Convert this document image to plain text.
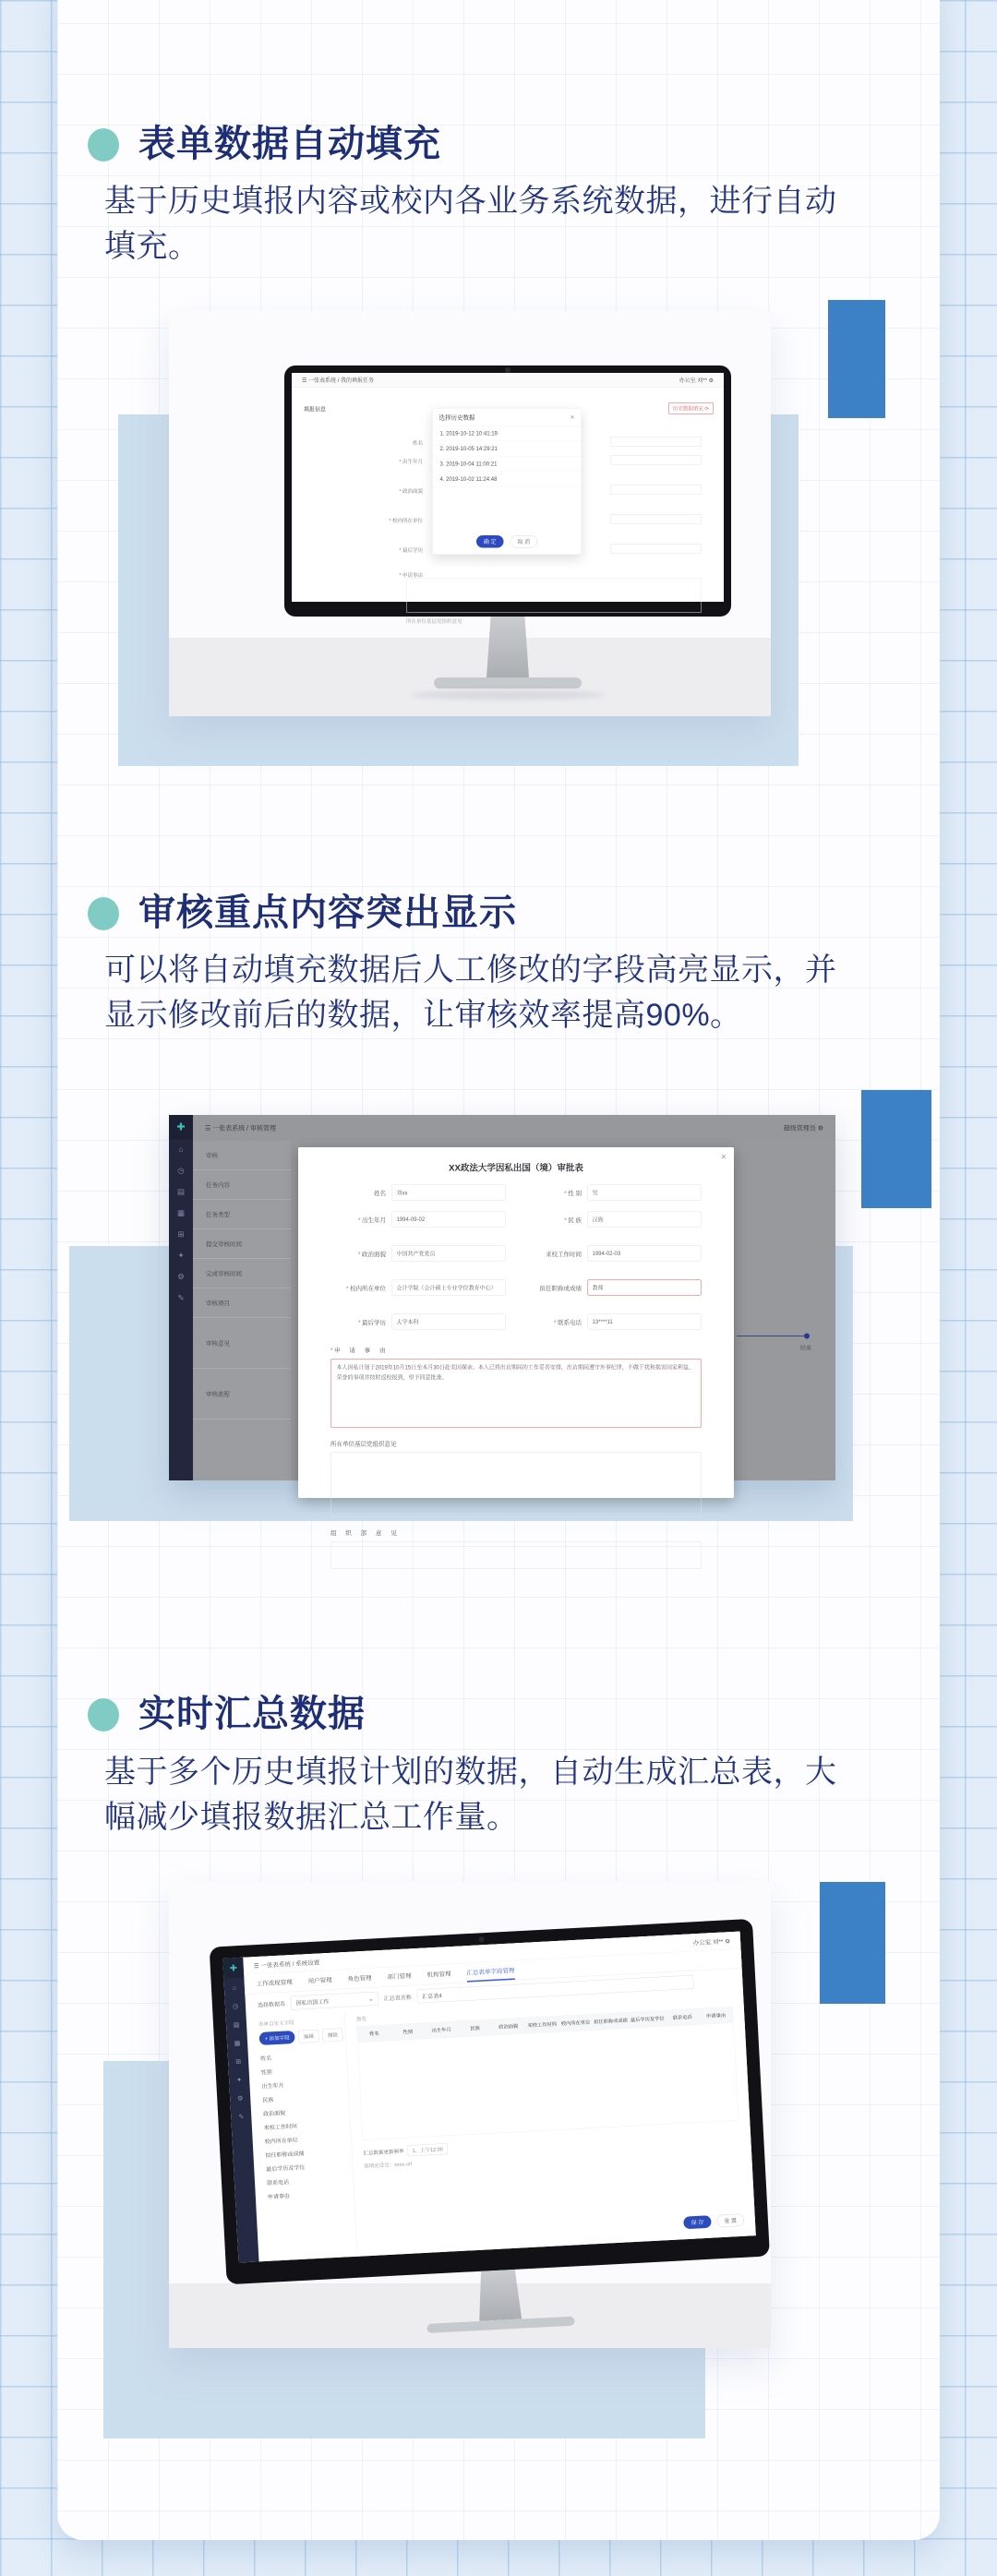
表单数据自动填充

基于历史填报内容或校内各业务系统数据，进行自动填充。

☰ 一张表系统 / 我的填报任务	办公室 刘** ⚙
填报信息	历史数据填充 ⟳
姓名
* 出生年月
* 政治面貌
* 校内所在单位
* 最后学历
* 申请事由
所在单位基层党组织意见
选择历史数据	✕
1. 2019-10-12 10:41:19
2. 2019-10-05 14:29:21
3. 2019-10-04 11:00:21
4. 2019-10-02 11:24:48
确 定	取 消
审核重点内容突出显示

可以将自动填充数据后人工修改的字段高亮显示，并显示修改前后的数据，让审核效率提高90%。

✚
⌂
◷
▤
▦
⊞
✦
⚙
✎
☰ 一张表系统 / 审核管理	超级管理员 ⚙
审核
任务内容
任务类型
提交审核时间
完成审核时间
审核项目
审核意见
审核流程
✕
XX政法大学因私出国（境）审批表
姓名 刘xx	* 性 别 男
* 出生年月 1994-09-02	* 民 族 汉族
* 政治面貌 中国共产党党员	来校工作时间 1994-02-03
* 校内所在单位 会计学院（会计硕士专业学位教育中心）	拟任职称或成绩 教师
* 最后学历 大学本科	* 联系电话 13****11
* 申 请 事 由
本人因私计划于2019年10月15日至本月30日赴美国探亲。本人已将出访期间的工作妥善安排，出访期间遵守外事纪律，不做干扰和损害国家利益、荣誉的事项并按时返校报到，望予同意批准。
所在单位基层党组织意见
组 织 部 意 见
结束
实时汇总数据

基于多个历史填报计划的数据，自动生成汇总表，大幅减少填报数据汇总工作量。

✚
⌂
◷
▤
▦
⊞
✦
⚙
✎
☰ 一张表系统 / 系统设置
办公室 刘** ⚙
工作流程管理 用户管理 角色管理 部门管理 机构管理 汇总表单字段管理
选择数据表 因私出国工作	⌄ 汇总表名称 汇总表4
表单自定义字段
+ 添加字段	编辑	删除
姓名
性别
出生年月
民族
政治面貌
来校工作时间
校内所在单位
拟任职称或成绩
最后学历及学位
联系电话
申请事由
预览
姓名	性别	出生年月	民族	政治面貌 来校工作时间 校内所在单位 拟任职称或成绩 最后学历及学位 联系电话	申请事由
汇总数据更新频率 1、上午12:00
预填充设定：xxxx.url
保 存	重 置
